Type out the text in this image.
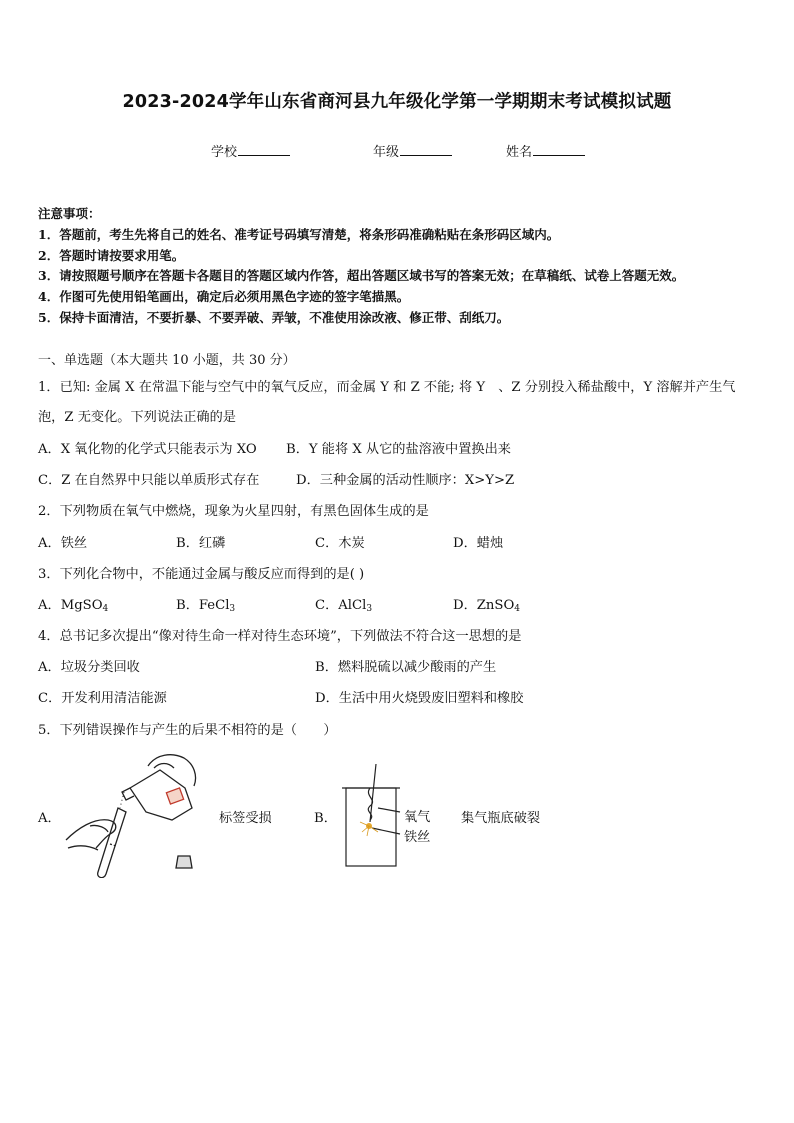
2023-2024学年山东省商河县九年级化学第一学期期末考试模拟试题
学校	年级	姓名
注意事项：
1．答题前，考生先将自己的姓名、准考证号码填写清楚，将条形码准确粘贴在条形码区域内。
2．答题时请按要求用笔。
3．请按照题号顺序在答题卡各题目的答题区域内作答，超出答题区域书写的答案无效；在草稿纸、试卷上答题无效。
4．作图可先使用铅笔画出，确定后必须用黑色字迹的签字笔描黑。
5．保持卡面清洁，不要折暴、不要弄破、弄皱，不准使用涂改液、修正带、刮纸刀。
一、单选题（本大题共 10 小题，共 30 分）
1．已知: 金属 X 在常温下能与空气中的氧气反应，而金属 Y 和 Z 不能; 将 Y　、Z 分别投入稀盐酸中，Y 溶解并产生气
泡，Z 无变化。下列说法正确的是
A．X 氧化物的化学式只能表示为 XO B．Y 能将 X 从它的盐溶液中置换出来
C．Z 在自然界中只能以单质形式存在	D．三种金属的活动性顺序：X>Y>Z
2．下列物质在氧气中燃烧，现象为火星四射，有黑色固体生成的是
A．铁丝	B．红磷	C．木炭	D．蜡烛
3．下列化合物中，不能通过金属与酸反应而得到的是( )
A．MgSO$_4$	B．FeCl$_3$	C．AlCl$_3$	D．ZnSO$_4$
4．总书记多次提出“像对待生命一样对待生态环境”，下列做法不符合这一思想的是
A．垃圾分类回收	B．燃料脱硫以减少酸雨的产生
C．开发利用清洁能源	D．生活中用火烧毁废旧塑料和橡胶
5．下列错误操作与产生的后果不相符的是（　　）
A．	标签受损	B．	氧气
铁丝
集气瓶底破裂
